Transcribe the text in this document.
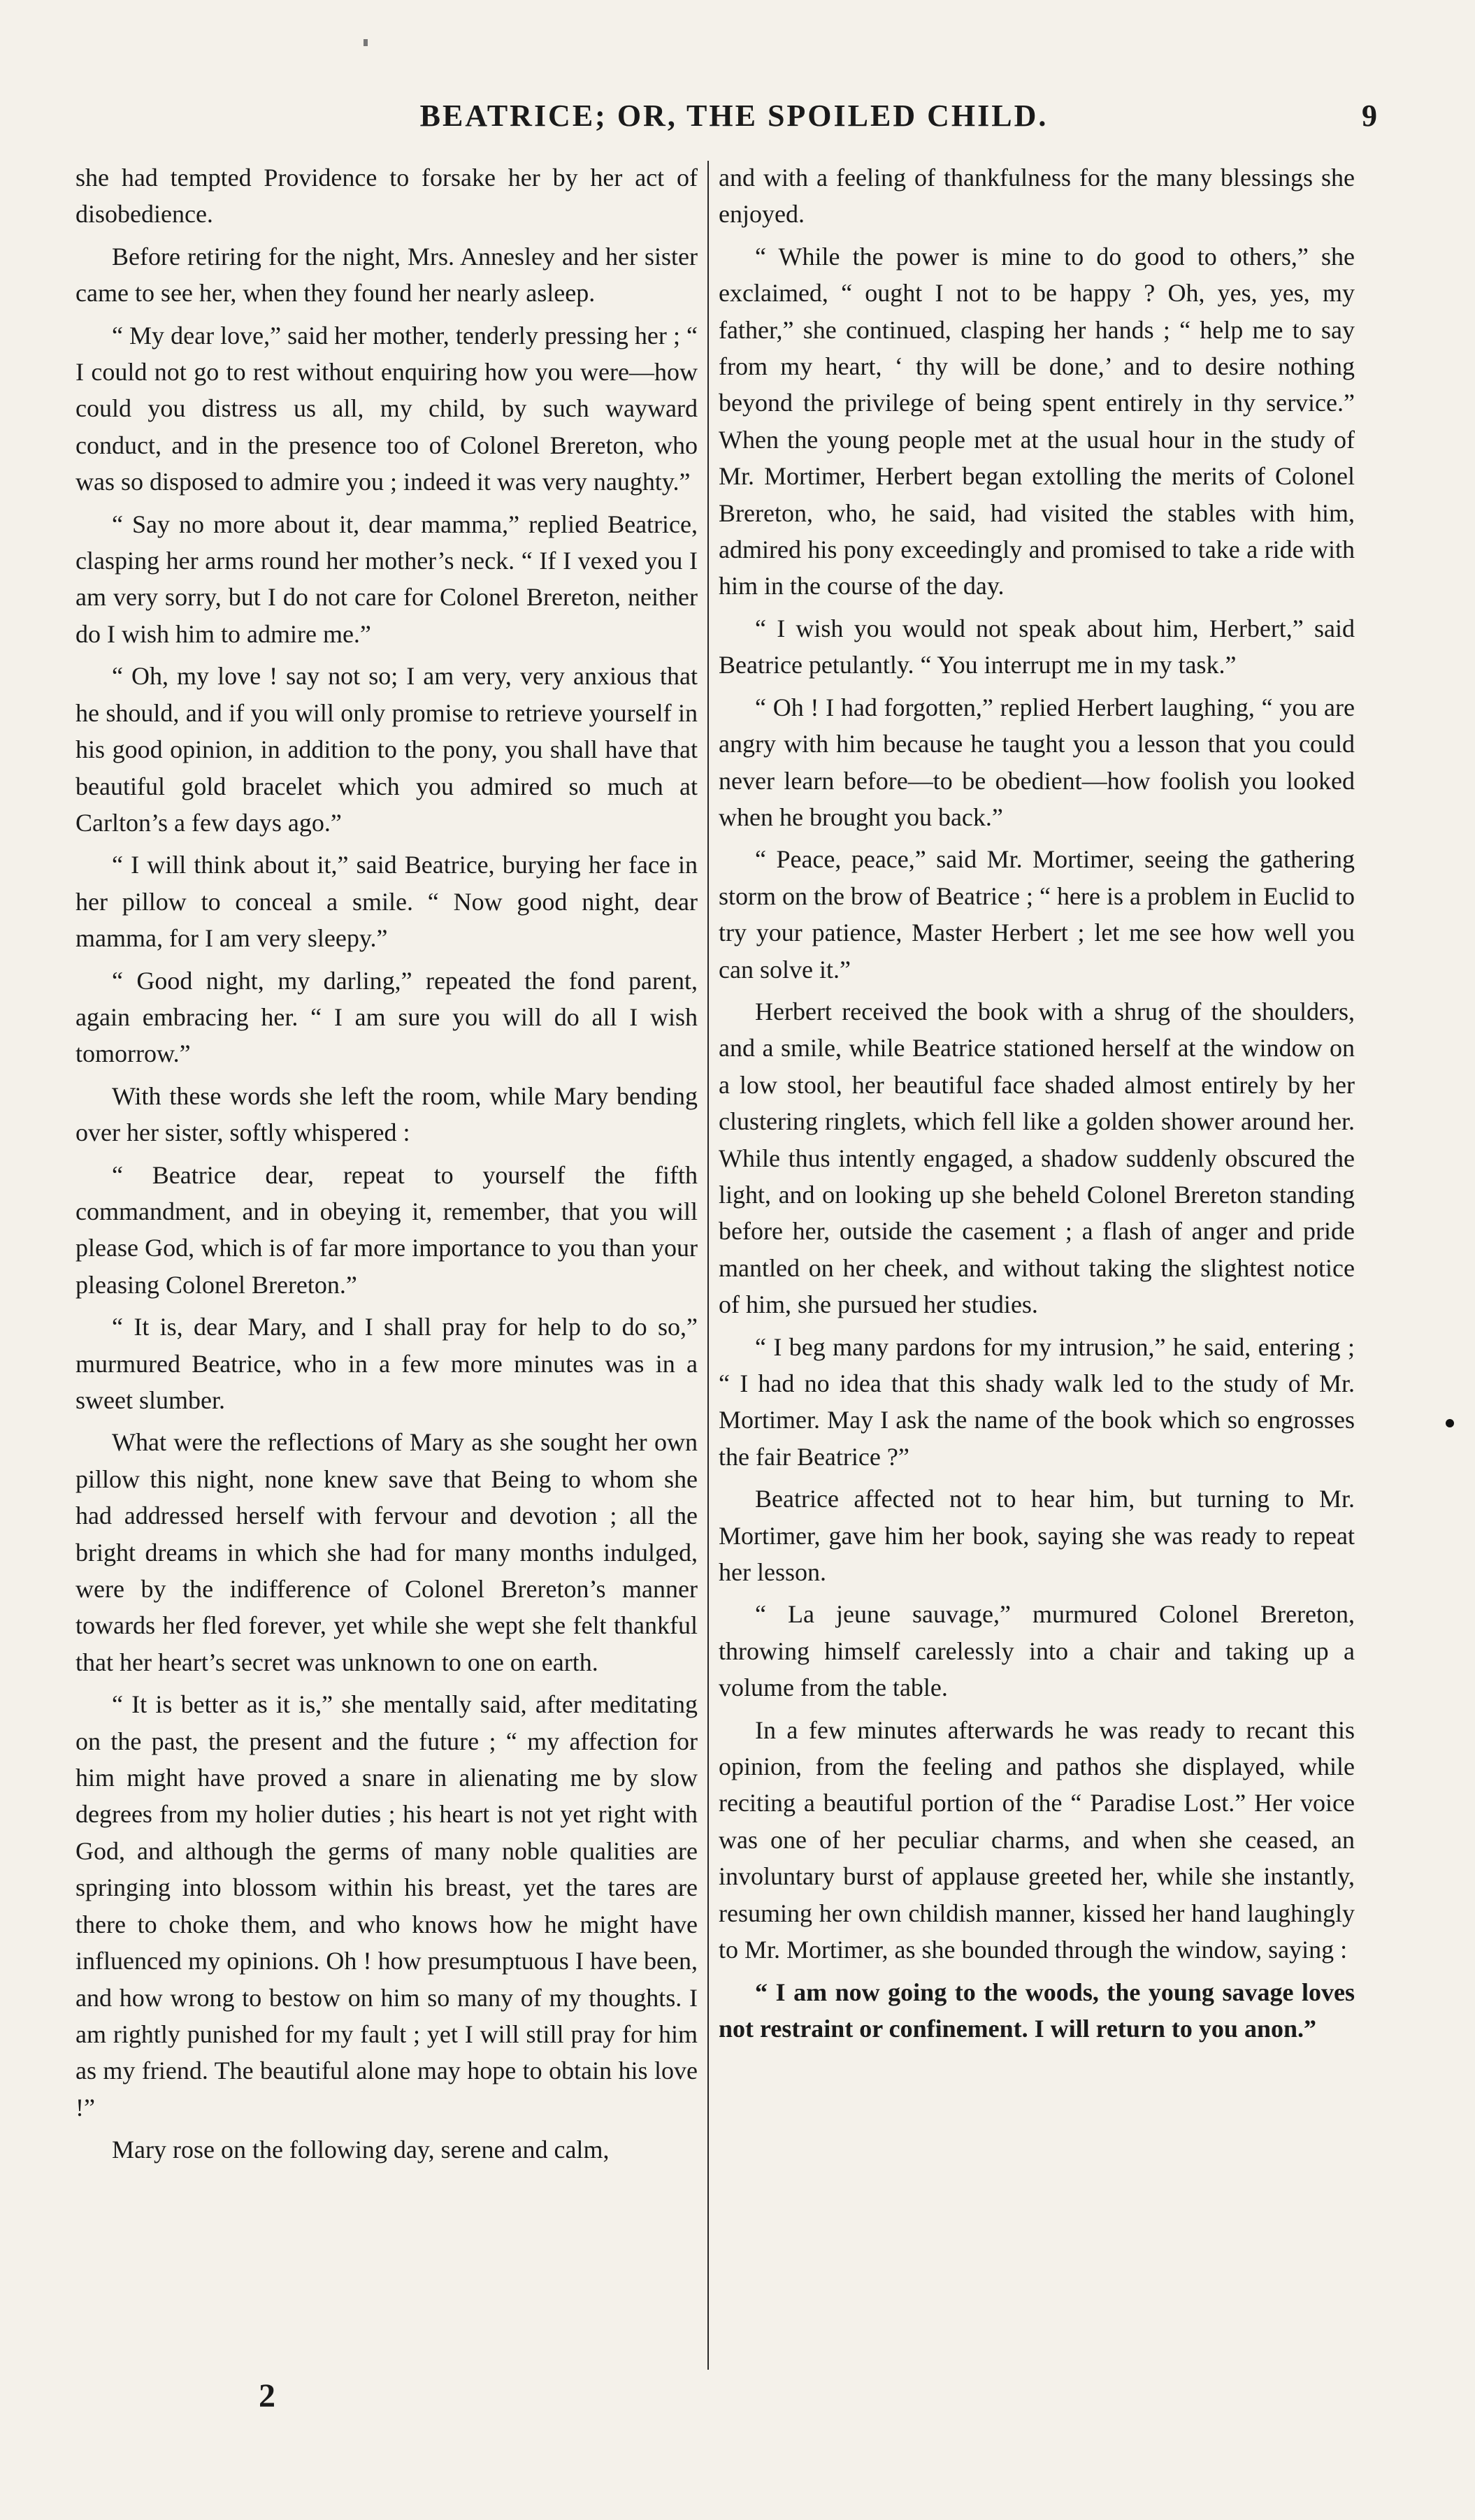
BEATRICE; OR, THE SPOILED CHILD.	9

she had tempted Providence to forsake her by her act of disobedience.

Before retiring for the night, Mrs. Annesley and her sister came to see her, when they found her nearly asleep.

“ My dear love,” said her mother, tenderly pressing her ; “ I could not go to rest without enquiring how you were—how could you distress us all, my child, by such wayward conduct, and in the presence too of Colonel Brereton, who was so disposed to admire you ; indeed it was very naughty.”

“ Say no more about it, dear mamma,” replied Beatrice, clasping her arms round her mother’s neck. “ If I vexed you I am very sorry, but I do not care for Colonel Brereton, neither do I wish him to admire me.”

“ Oh, my love ! say not so; I am very, very anxious that he should, and if you will only promise to retrieve yourself in his good opinion, in addition to the pony, you shall have that beautiful gold bracelet which you admired so much at Carlton’s a few days ago.”

“ I will think about it,” said Beatrice, burying her face in her pillow to conceal a smile. “ Now good night, dear mamma, for I am very sleepy.”

“ Good night, my darling,” repeated the fond parent, again embracing her. “ I am sure you will do all I wish tomorrow.”

With these words she left the room, while Mary bending over her sister, softly whispered :

“ Beatrice dear, repeat to yourself the fifth commandment, and in obeying it, remember, that you will please God, which is of far more importance to you than your pleasing Colonel Brereton.”

“ It is, dear Mary, and I shall pray for help to do so,” murmured Beatrice, who in a few more minutes was in a sweet slumber.

What were the reflections of Mary as she sought her own pillow this night, none knew save that Being to whom she had addressed herself with fervour and devotion ; all the bright dreams in which she had for many months indulged, were by the indifference of Colonel Brereton’s manner towards her fled forever, yet while she wept she felt thankful that her heart’s secret was unknown to one on earth.

“ It is better as it is,” she mentally said, after meditating on the past, the present and the future ; “ my affection for him might have proved a snare in alienating me by slow degrees from my holier duties ; his heart is not yet right with God, and although the germs of many noble qualities are springing into blossom within his breast, yet the tares are there to choke them, and who knows how he might have influenced my opinions. Oh ! how presumptuous I have been, and how wrong to bestow on him so many of my thoughts. I am rightly punished for my fault ; yet I will still pray for him as my friend. The beautiful alone may hope to obtain his love !”

Mary rose on the following day, serene and calm,

and with a feeling of thankfulness for the many blessings she enjoyed.

“ While the power is mine to do good to others,” she exclaimed, “ ought I not to be happy ? Oh, yes, yes, my father,” she continued, clasping her hands ; “ help me to say from my heart, ‘ thy will be done,’ and to desire nothing beyond the privilege of being spent entirely in thy service.” When the young people met at the usual hour in the study of Mr. Mortimer, Herbert began extolling the merits of Colonel Brereton, who, he said, had visited the stables with him, admired his pony exceedingly and promised to take a ride with him in the course of the day.

“ I wish you would not speak about him, Herbert,” said Beatrice petulantly. “ You interrupt me in my task.”

“ Oh ! I had forgotten,” replied Herbert laughing, “ you are angry with him because he taught you a lesson that you could never learn before—to be obedient—how foolish you looked when he brought you back.”

“ Peace, peace,” said Mr. Mortimer, seeing the gathering storm on the brow of Beatrice ; “ here is a problem in Euclid to try your patience, Master Herbert ; let me see how well you can solve it.”

Herbert received the book with a shrug of the shoulders, and a smile, while Beatrice stationed herself at the window on a low stool, her beautiful face shaded almost entirely by her clustering ringlets, which fell like a golden shower around her. While thus intently engaged, a shadow suddenly obscured the light, and on looking up she beheld Colonel Brereton standing before her, outside the casement ; a flash of anger and pride mantled on her cheek, and without taking the slightest notice of him, she pursued her studies.

“ I beg many pardons for my intrusion,” he said, entering ; “ I had no idea that this shady walk led to the study of Mr. Mortimer. May I ask the name of the book which so engrosses the fair Beatrice ?”

Beatrice affected not to hear him, but turning to Mr. Mortimer, gave him her book, saying she was ready to repeat her lesson.

“ La jeune sauvage,” murmured Colonel Brereton, throwing himself carelessly into a chair and taking up a volume from the table.

In a few minutes afterwards he was ready to recant this opinion, from the feeling and pathos she displayed, while reciting a beautiful portion of the “ Paradise Lost.” Her voice was one of her peculiar charms, and when she ceased, an involuntary burst of applause greeted her, while she instantly, resuming her own childish manner, kissed her hand laughingly to Mr. Mortimer, as she bounded through the window, saying :

“ I am now going to the woods, the young savage loves not restraint or confinement. I will return to you anon.”

2
